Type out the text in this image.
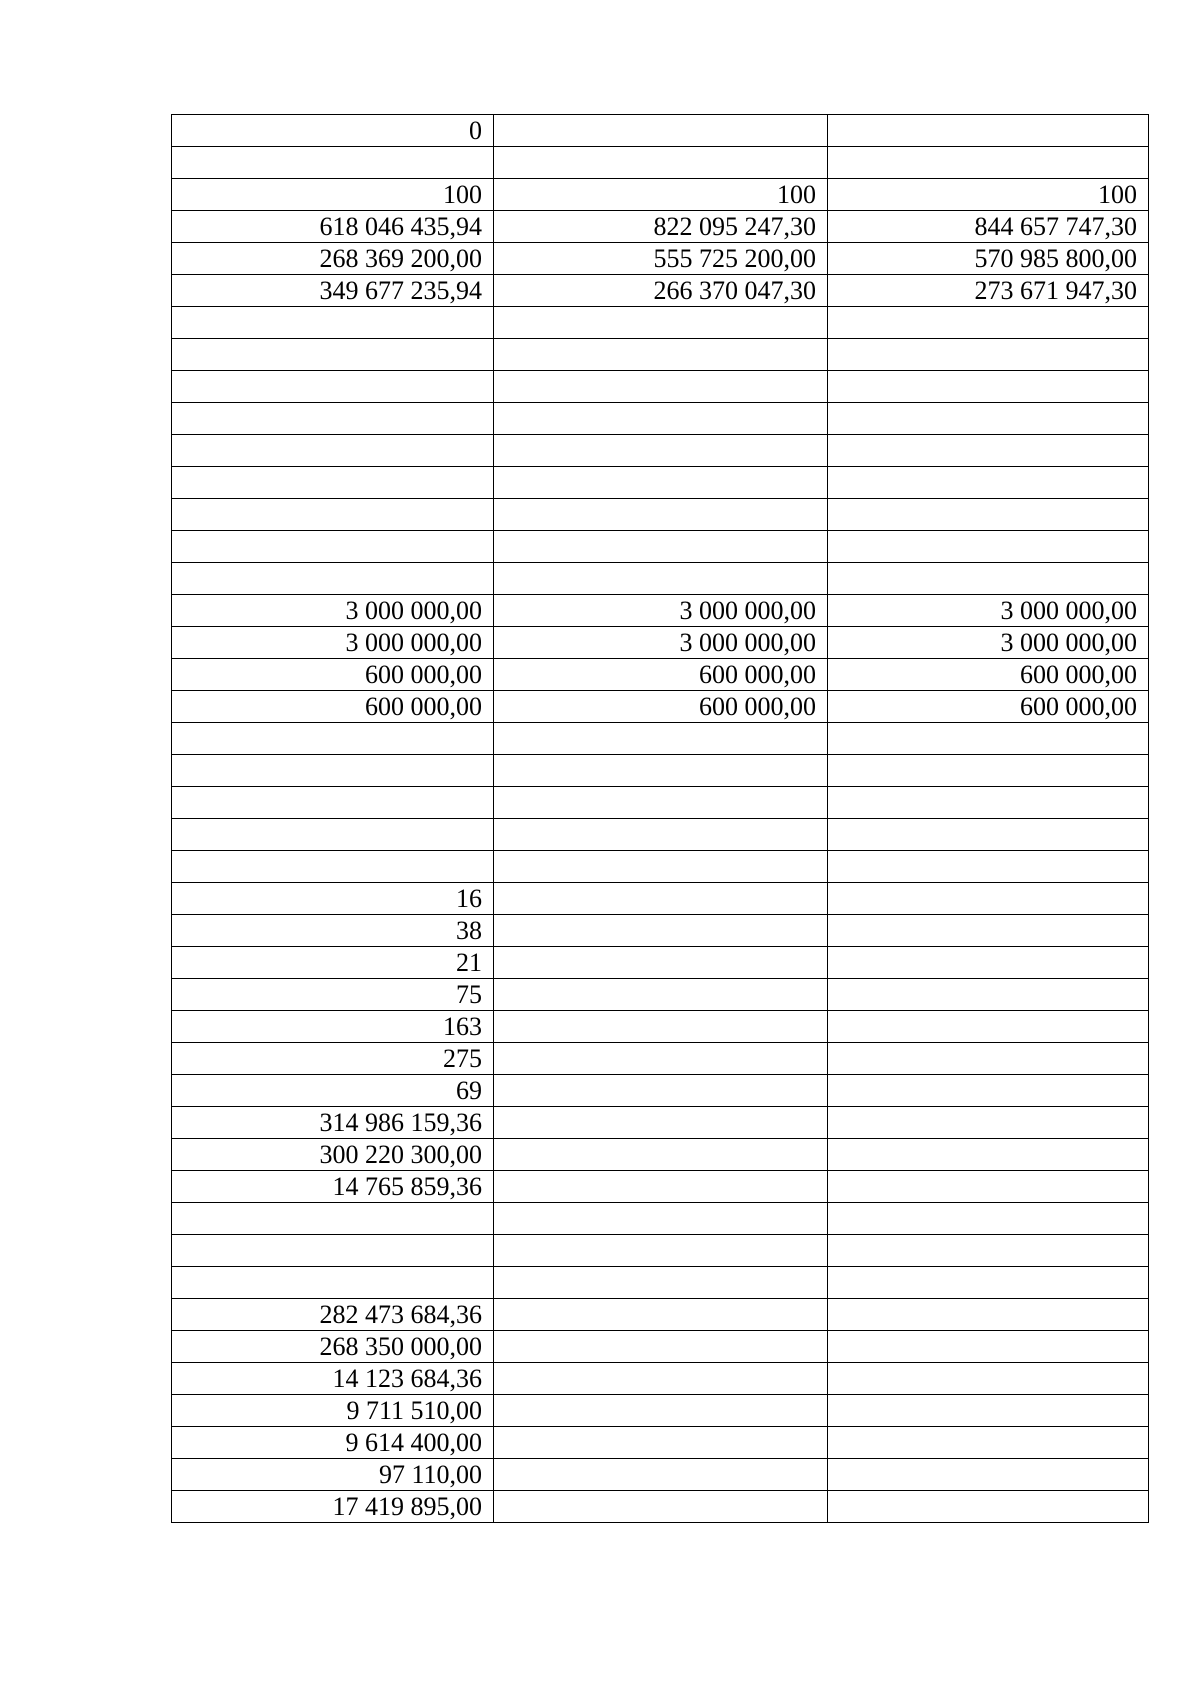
0		

100	100	100
618 046 435,94	822 095 247,30	844 657 747,30
268 369 200,00	555 725 200,00	570 985 800,00
349 677 235,94	266 370 047,30	273 671 947,30

3 000 000,00	3 000 000,00	3 000 000,00
3 000 000,00	3 000 000,00	3 000 000,00
600 000,00	600 000,00	600 000,00
600 000,00	600 000,00	600 000,00

16		
38		
21		
75		
163		
275		
69		
314 986 159,36		
300 220 300,00		
14 765 859,36		

282 473 684,36		
268 350 000,00		
14 123 684,36		
9 711 510,00		
9 614 400,00		
97 110,00		
17 419 895,00		
